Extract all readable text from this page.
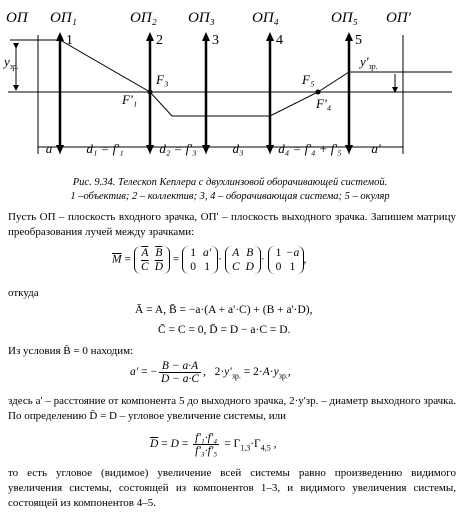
ОП ОП₁	ОП₂ ОП₃ ОП₄	ОП₅ ОП'
1	2	3	4	5
$y_{зр.}$	$y'_{зр.}$
F₃
F'₁
F₅
F'₄
a	d₁ = f'₁	d₂ = f'₃	d₃	d₄ = f'₄ + f'₅ a'
Рис. 9.34. Телескоп Кеплера с двухлинзовой оборачивающей системой.
1 –объектив; 2 – коллектив; 3, 4 – оборачивающая система; 5 – окуляр
Пусть ОП – плоскость входного зрачка, ОП' – плоскость выходного зрачка. Запишем матрицу преобразования лучей между зрачками:
$\overline{M} = \overline{A}$ $\overline{B}$
$\overline{C}$ $\overline{D} = 1$ a'
0 1· A B
C D· 1 −a
0 1,
откуда
Ā = A, B̄ = −a·(A + a'·C) + (B + a'·D),
C̄ = C = 0, D̄ = D − a·C = D.
Из условия B̄ = 0 находим:
a' = − $\frac{B - a\cdot A}{D - a\cdot C}$ ,   $2\cdot y'_{зр.} = 2\cdot A\cdot y_{зр.}$,
здесь a' – расстояние от компонента 5 до выходного зрачка, 2·y'зр. – диаметр выходного зрачка. По определению D̄ = D – угловое увеличение системы, или
$\overline{D} = D = \frac{\text{f'₁·f'₄}}{\text{f'₃·f'₅}} = \Gamma_{1,3}\cdot\Gamma_{4,5}$ ,
то есть угловое (видимое) увеличение всей системы равно произведению видимого увеличения системы, состоящей из компонентов 1–3, и видимого увеличения системы, состоящей из компонентов 4–5.
